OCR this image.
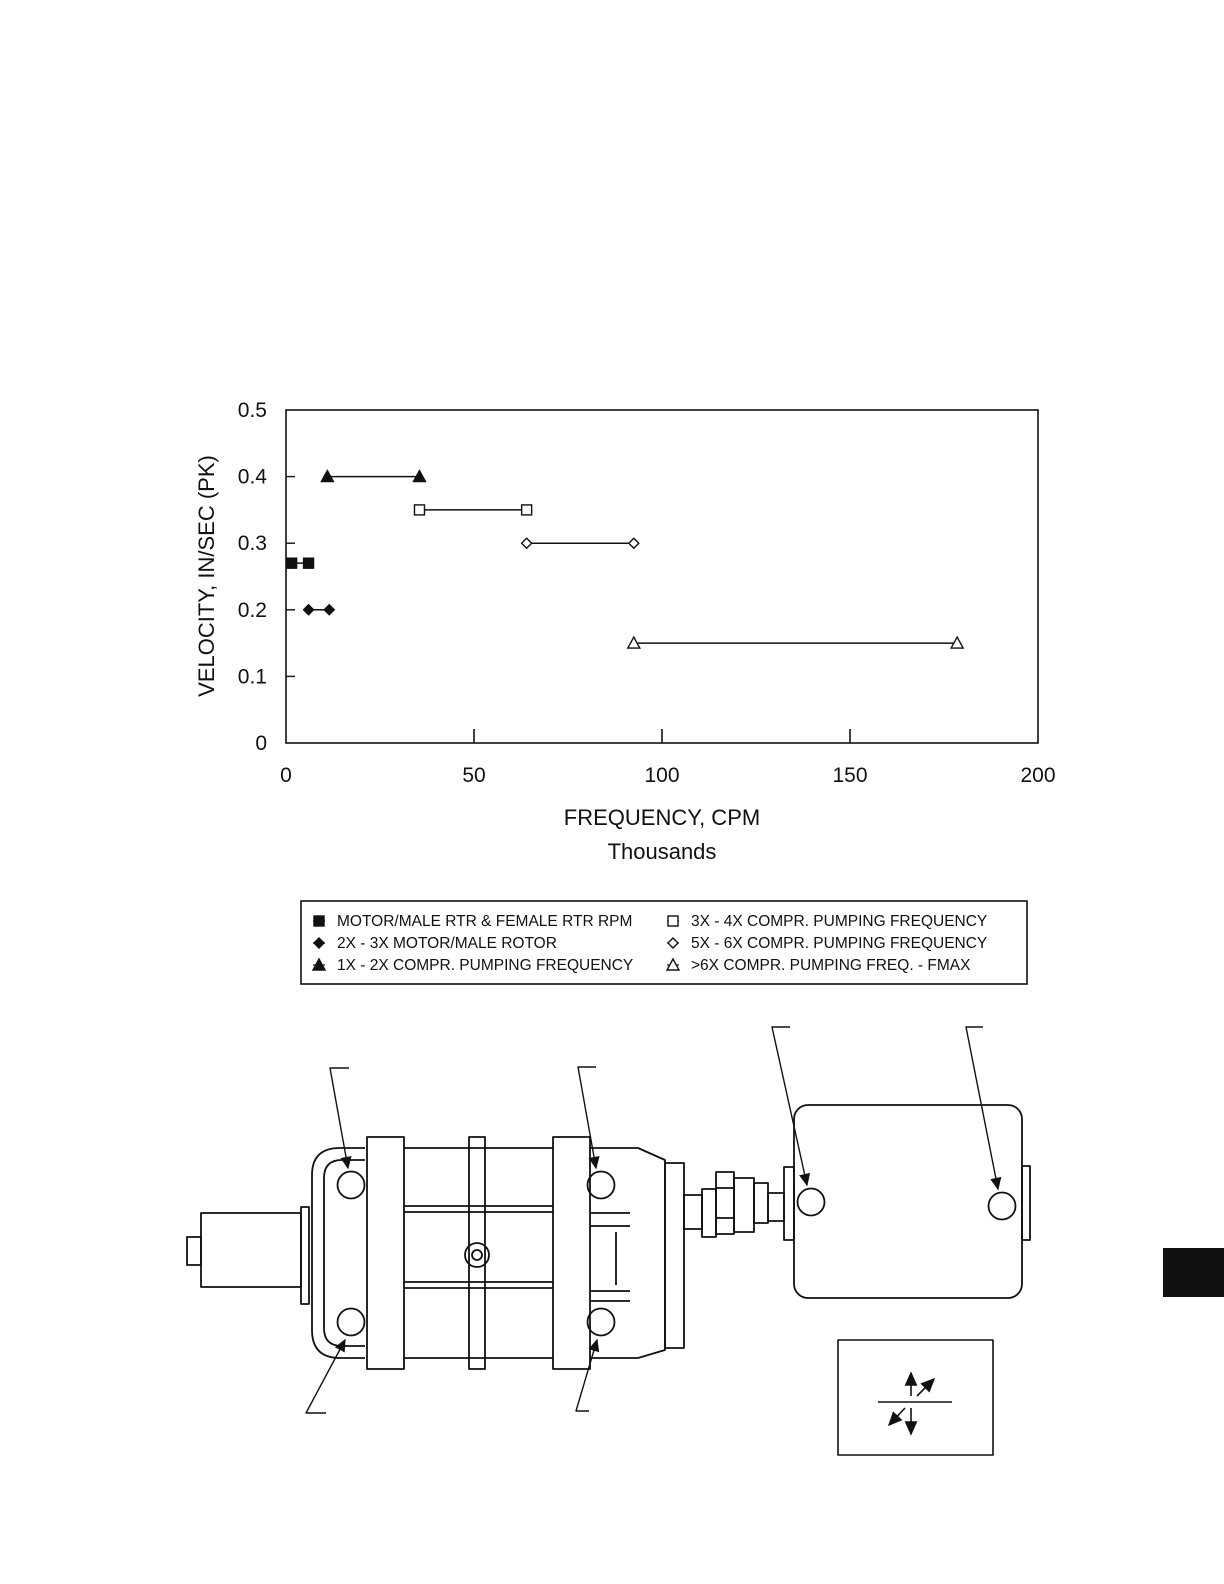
0	50	100	150	200
0
0.1
0.2
0.3
0.4
0.5
FREQUENCY, CPM
Thousands
VELOCITY, IN/SEC (PK)
MOTOR/MALE RTR & FEMALE RTR RPM
2X - 3X MOTOR/MALE ROTOR
1X - 2X COMPR. PUMPING FREQUENCY
3X - 4X COMPR. PUMPING FREQUENCY
5X - 6X COMPR. PUMPING FREQUENCY
>6X COMPR. PUMPING FREQ. - FMAX
